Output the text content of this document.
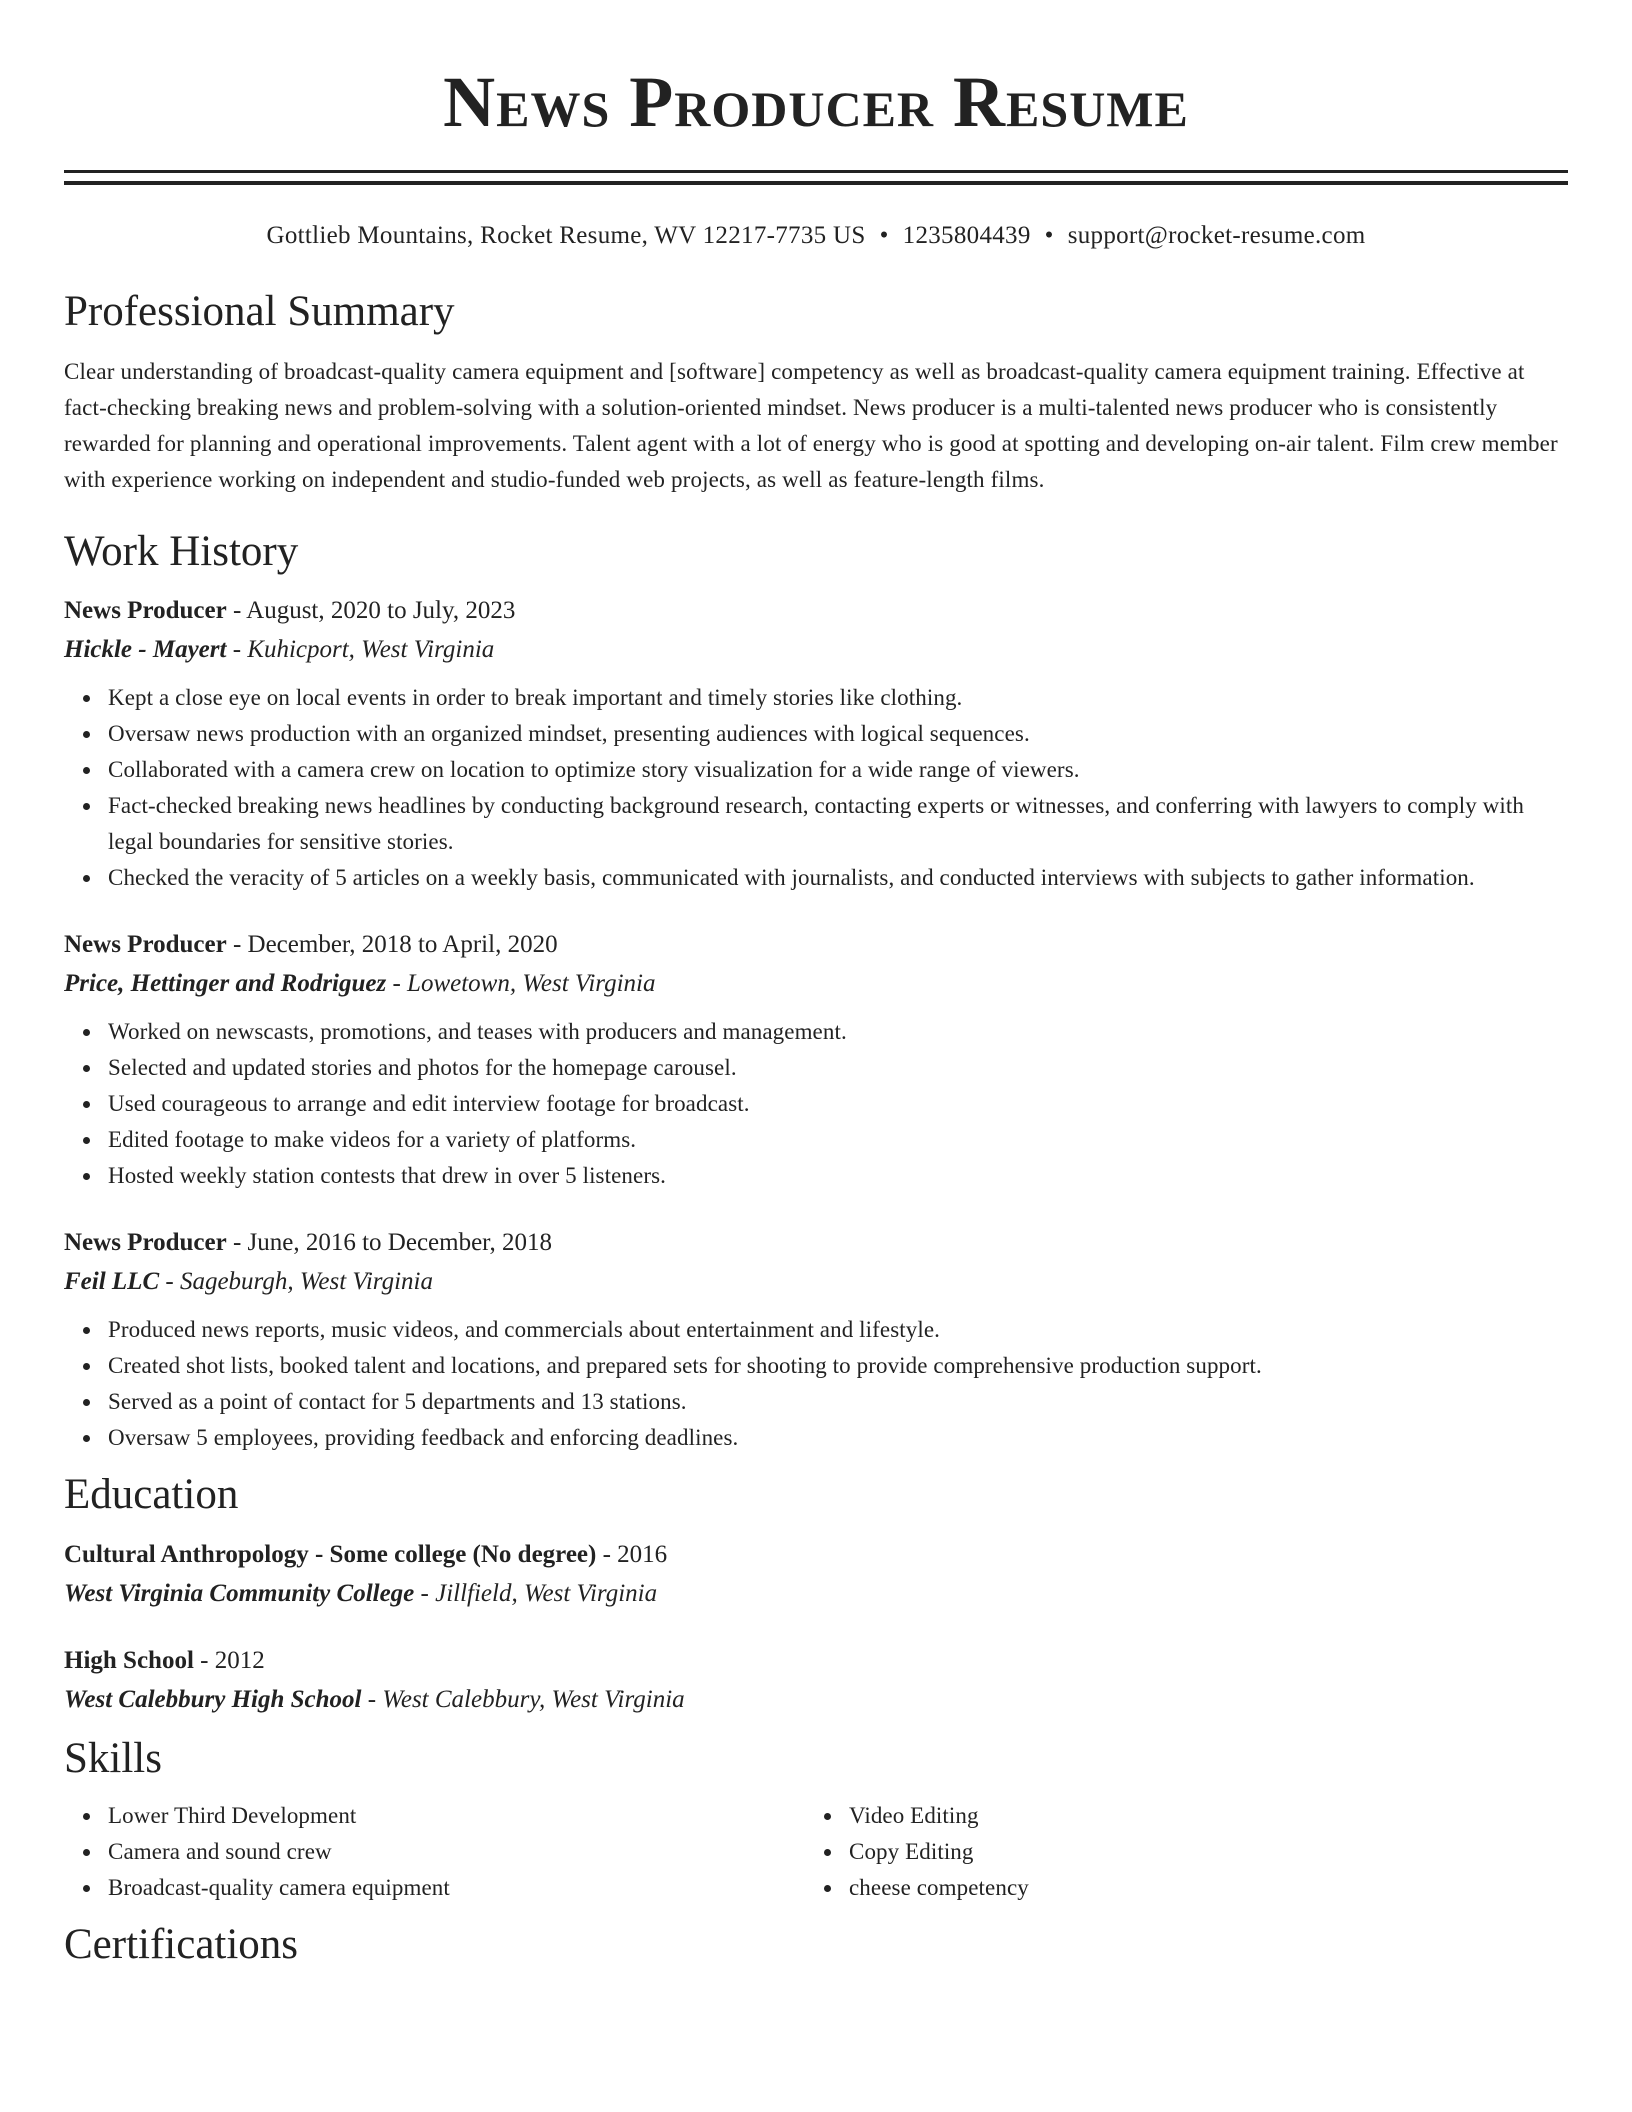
News Producer Resume
Gottlieb Mountains, Rocket Resume, WV 12217-7735 US • 1235804439 • support@rocket-resume.com
Professional Summary
Clear understanding of broadcast-quality camera equipment and [software] competency as well as broadcast-quality camera equipment training. Effective at fact-checking breaking news and problem-solving with a solution-oriented mindset. News producer is a multi-talented news producer who is consistently rewarded for planning and operational improvements. Talent agent with a lot of energy who is good at spotting and developing on-air talent. Film crew member with experience working on independent and studio-funded web projects, as well as feature-length films.
Work History
News Producer - August, 2020 to July, 2023
Hickle - Mayert - Kuhicport, West Virginia
Kept a close eye on local events in order to break important and timely stories like clothing.
Oversaw news production with an organized mindset, presenting audiences with logical sequences.
Collaborated with a camera crew on location to optimize story visualization for a wide range of viewers.
Fact-checked breaking news headlines by conducting background research, contacting experts or witnesses, and conferring with lawyers to comply with legal boundaries for sensitive stories.
Checked the veracity of 5 articles on a weekly basis, communicated with journalists, and conducted interviews with subjects to gather information.
News Producer - December, 2018 to April, 2020
Price, Hettinger and Rodriguez - Lowetown, West Virginia
Worked on newscasts, promotions, and teases with producers and management.
Selected and updated stories and photos for the homepage carousel.
Used courageous to arrange and edit interview footage for broadcast.
Edited footage to make videos for a variety of platforms.
Hosted weekly station contests that drew in over 5 listeners.
News Producer - June, 2016 to December, 2018
Feil LLC - Sageburgh, West Virginia
Produced news reports, music videos, and commercials about entertainment and lifestyle.
Created shot lists, booked talent and locations, and prepared sets for shooting to provide comprehensive production support.
Served as a point of contact for 5 departments and 13 stations.
Oversaw 5 employees, providing feedback and enforcing deadlines.
Education
Cultural Anthropology - Some college (No degree) - 2016
West Virginia Community College - Jillfield, West Virginia
High School - 2012
West Calebbury High School - West Calebbury, West Virginia
Skills
Lower Third Development
Camera and sound crew
Broadcast-quality camera equipment
Video Editing
Copy Editing
cheese competency
Certifications
